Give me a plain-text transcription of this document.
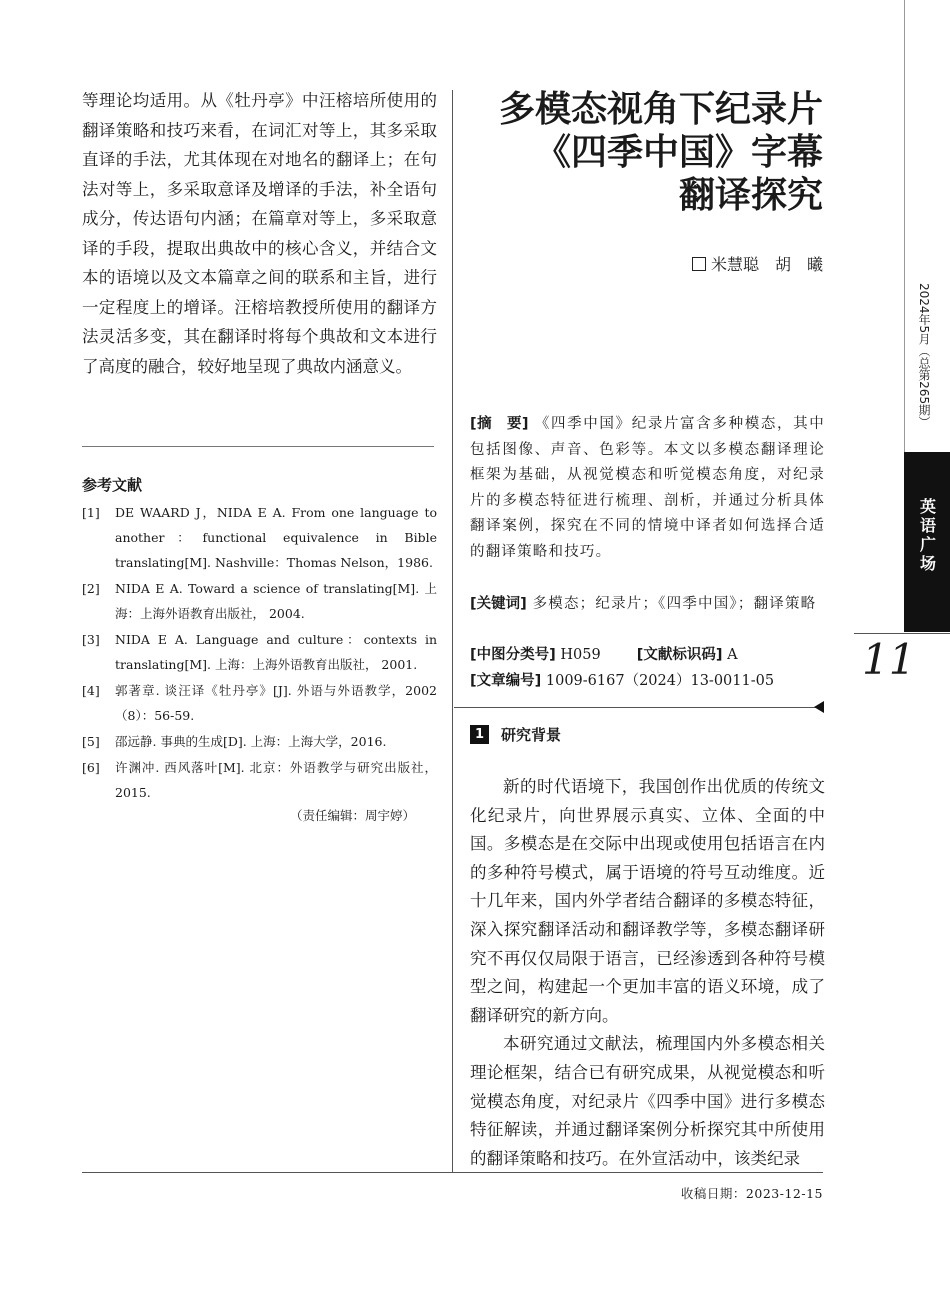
等理论均适用。从《牡丹亭》中汪榕培所使用的翻译策略和技巧来看，在词汇对等上，其多采取直译的手法，尤其体现在对地名的翻译上；在句法对等上，多采取意译及增译的手法，补全语句成分，传达语句内涵；在篇章对等上，多采取意译的手段，提取出典故中的核心含义，并结合文本的语境以及文本篇章之间的联系和主旨，进行一定程度上的增译。汪榕培教授所使用的翻译方法灵活多变，其在翻译时将每个典故和文本进行了高度的融合，较好地呈现了典故内涵意义。

参考文献
[1] DE WAARD J，NIDA E A. From one language to another：functional equivalence in Bible translating[M]. Nashville：Thomas Nelson，1986.
[2] NIDA E A. Toward a science of translating[M]. 上海：上海外语教育出版社， 2004.
[3] NIDA E A. Language and culture：contexts in translating[M]. 上海：上海外语教育出版社， 2001.
[4] 郭著章. 谈汪译《牡丹亭》[J]. 外语与外语教学，2002（8）：56-59.
[5] 邵远静. 事典的生成[D]. 上海：上海大学，2016.
[6] 许渊冲. 西风落叶[M]. 北京：外语教学与研究出版社，2015.
（责任编辑：周宇婷）
多模态视角下纪录片
《四季中国》字幕
翻译探究
米慧聪　胡　曦
[摘　要] 《四季中国》纪录片富含多种模态，其中包括图像、声音、色彩等。本文以多模态翻译理论框架为基础，从视觉模态和听觉模态角度，对纪录片的多模态特征进行梳理、剖析，并通过分析具体翻译案例，探究在不同的情境中译者如何选择合适的翻译策略和技巧。
[关键词] 多模态；纪录片；《四季中国》；翻译策略
[中图分类号] H059 [文献标识码] A
[文章编号] 1009-6167（2024）13-0011-05
1	研究背景

新的时代语境下，我国创作出优质的传统文化纪录片，向世界展示真实、立体、全面的中国。多模态是在交际中出现或使用包括语言在内的多种符号模式，属于语境的符号互动维度。近十几年来，国内外学者结合翻译的多模态特征，深入探究翻译活动和翻译教学等，多模态翻译研究不再仅仅局限于语言，已经渗透到各种符号模型之间，构建起一个更加丰富的语义环境，成了翻译研究的新方向。

本研究通过文献法，梳理国内外多模态相关理论框架，结合已有研究成果，从视觉模态和听觉模态角度，对纪录片《四季中国》进行多模态特征解读，并通过翻译案例分析探究其中所使用的翻译策略和技巧。在外宣活动中，该类纪录

收稿日期：2023-12-15
2024年5月（总第265期）
英语广场
11
